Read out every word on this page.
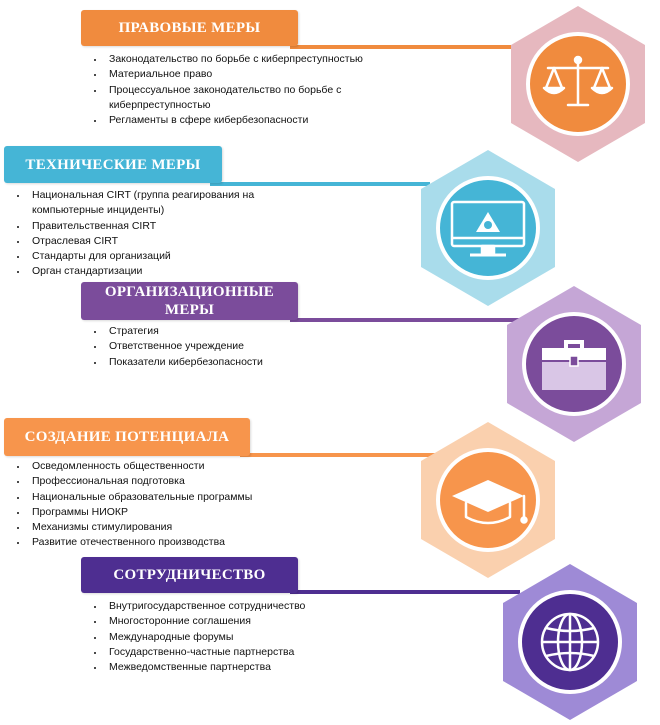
ПРАВОВЫЕ МЕРЫ
• Законодательство по борьбе с киберпреступностью
• Материальное право
• Процессуальное законодательство по борьбе с киберпреступностью
• Регламенты в сфере кибербезопасности
ТЕХНИЧЕСКИЕ МЕРЫ
• Национальная CIRT (группа реагирования на компьютерные инциденты)
• Правительственная CIRT
• Отраслевая CIRT
• Стандарты для организаций
• Орган стандартизации
ОРГАНИЗАЦИОННЫЕ МЕРЫ
• Стратегия
• Ответственное учреждение
• Показатели кибербезопасности
СОЗДАНИЕ ПОТЕНЦИАЛА
• Осведомленность общественности
• Профессиональная подготовка
• Национальные образовательные программы
• Программы НИОКР
• Механизмы стимулирования
• Развитие отечественного производства
СОТРУДНИЧЕСТВО
• Внутригосударственное сотрудничество
• Многосторонние соглашения
• Международные форумы
• Государственно-частные партнерства
• Межведомственные партнерства
